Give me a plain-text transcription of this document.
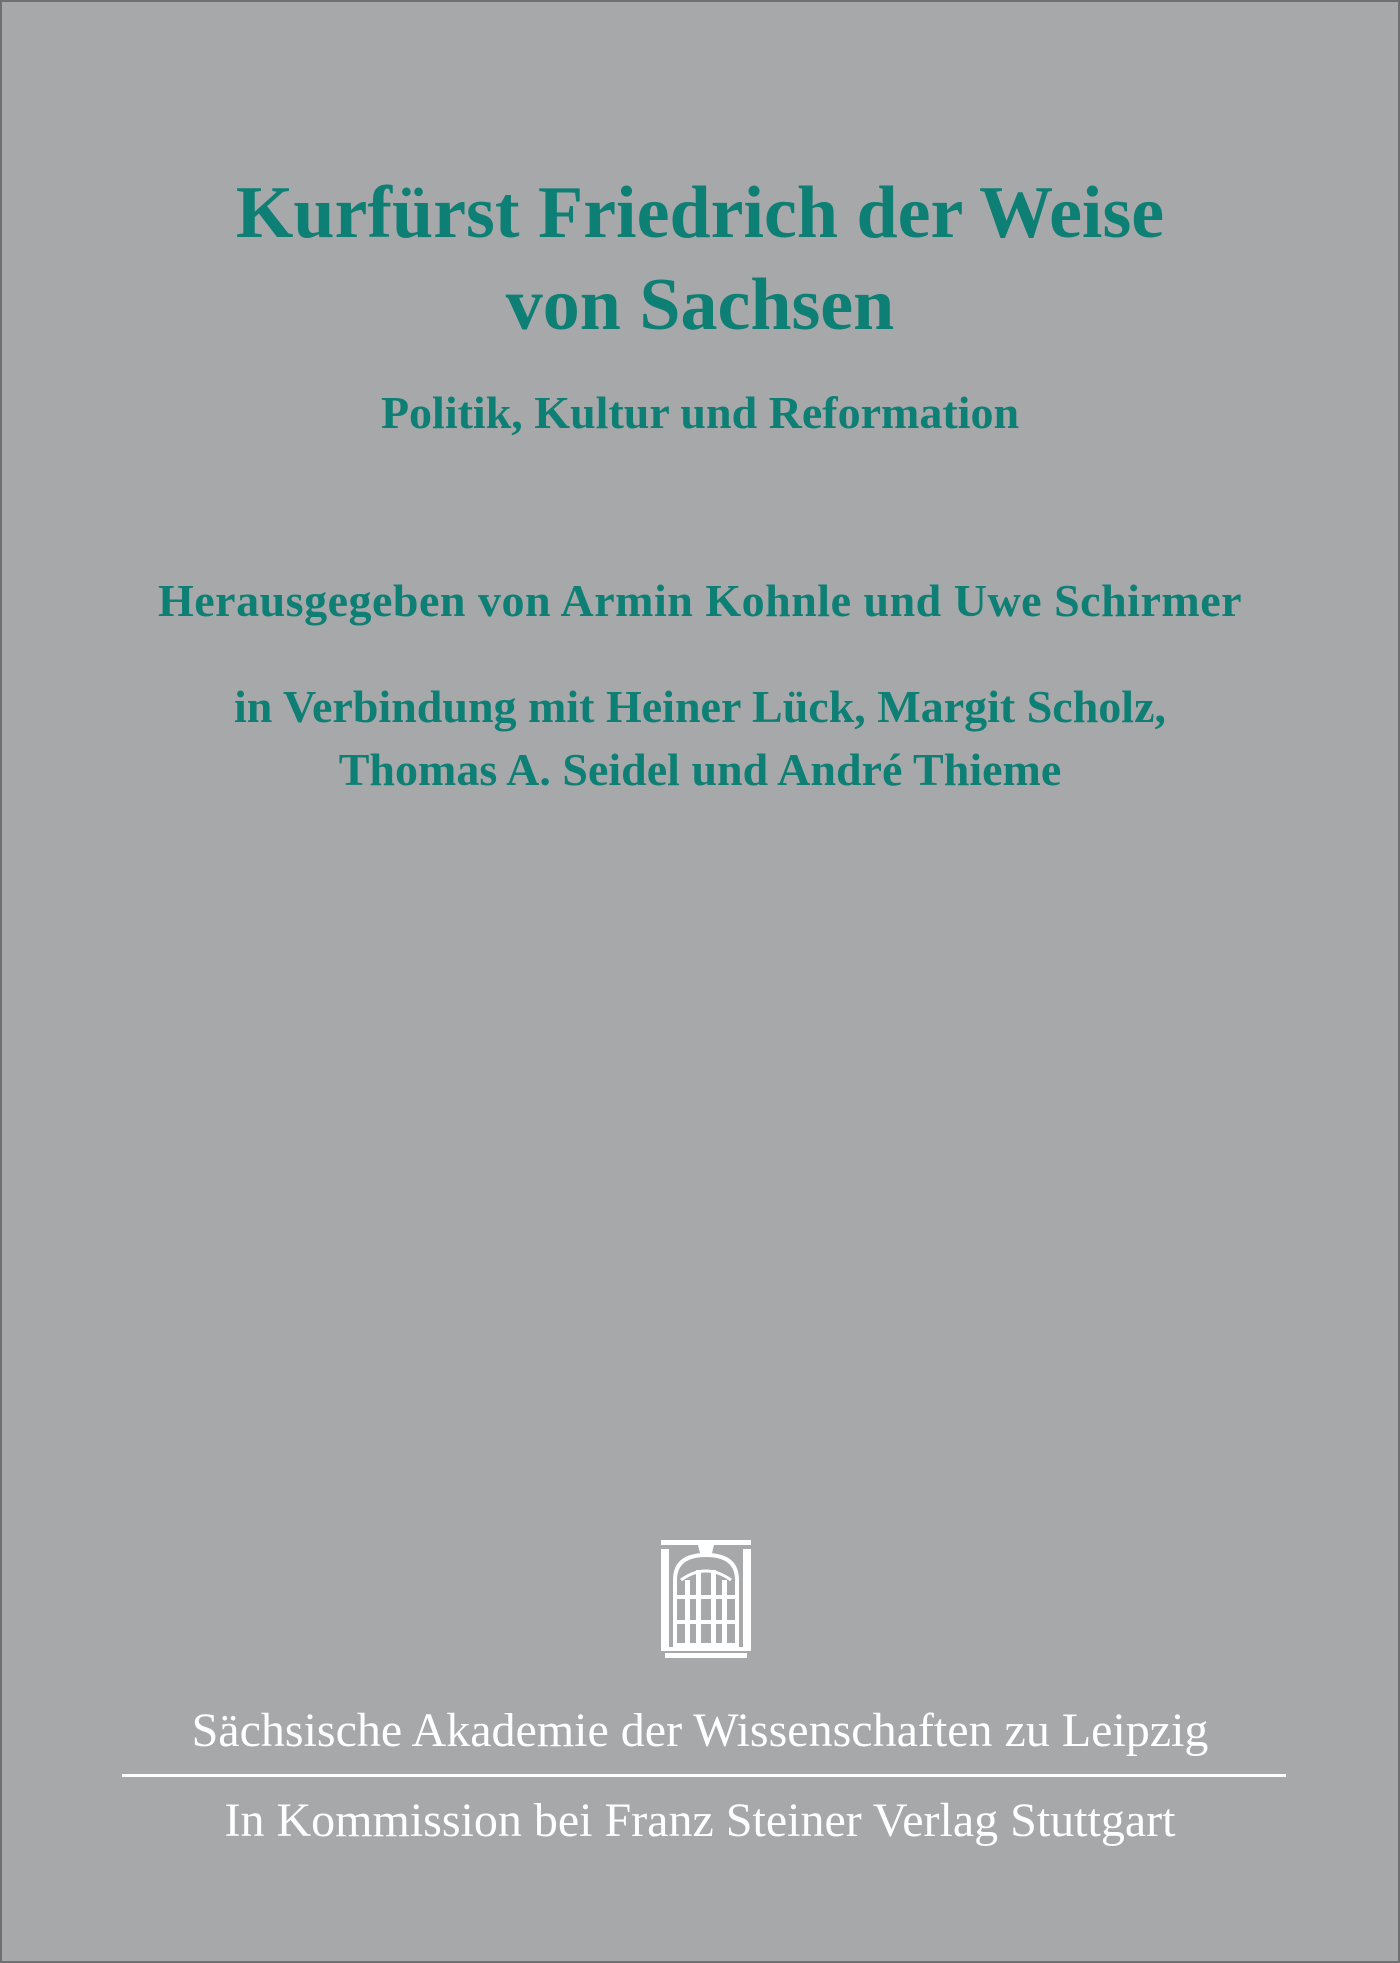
Kurfürst Friedrich der Weise
von Sachsen
Politik, Kultur und Reformation
Herausgegeben von Armin Kohnle und Uwe Schirmer
in Verbindung mit Heiner Lück, Margit Scholz,
Thomas A. Seidel und André Thieme
Sächsische Akademie der Wissenschaften zu Leipzig
In Kommission bei Franz Steiner Verlag Stuttgart
